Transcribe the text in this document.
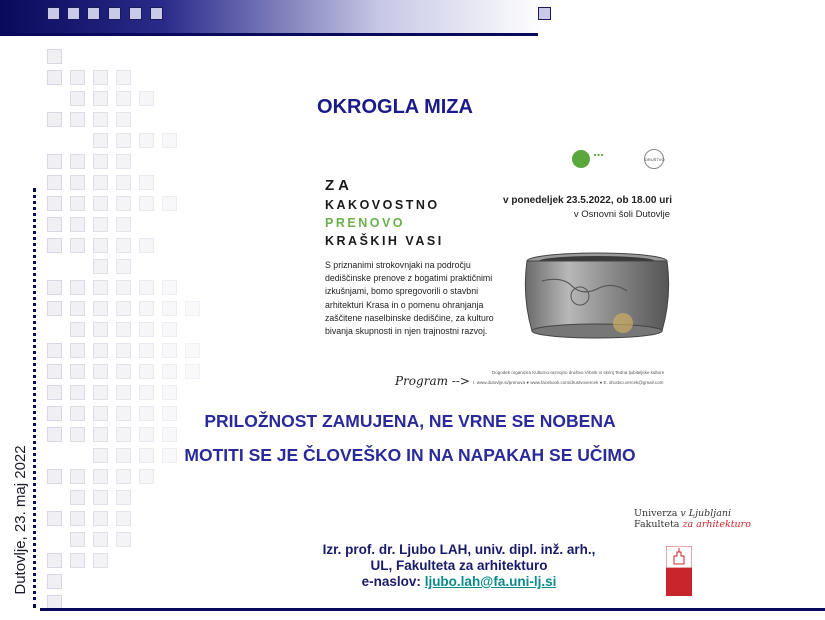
Dutovlje, 23. maj 2022
OKROGLA MIZA
■ ■ ■
DRUŠTVO
ZA
KAKOVOSTNO
PRENOVO
KRAŠKIH VASI
S priznanimi strokovnjaki na področju dediščinske prenove z bogatimi praktičnimi izkušnjami, bomo spregovorili o stavbni arhitekturi Krasa in o pomenu ohranjanja zaščitene naselbinske dediščine, za kulturo bivanja skupnosti in njen trajnostni razvoj.
v ponedeljek 23.5.2022, ob 18.00 uri
v Osnovni šoli Dutovlje
Program -->
Dogodek organizira Kulturno-razvojno društvo Vrbnik in skrinj Tedna ljubiteljske kulture
I. www.dutovlje.si/prenova ● www.facebook.com/drustvovercek ● E. drustvo.vercek@gmail.com
PRILOŽNOST ZAMUJENA, NE VRNE SE NOBENA
MOTITI SE JE ČLOVEŠKO IN NA NAPAKAH SE UČIMO
Izr. prof. dr. Ljubo LAH, univ. dipl. inž. arh.,
UL, Fakulteta za arhitekturo
e-naslov: ljubo.lah@fa.uni-lj.si
Univerza v Ljubljani
Fakulteta za arhitekturo
